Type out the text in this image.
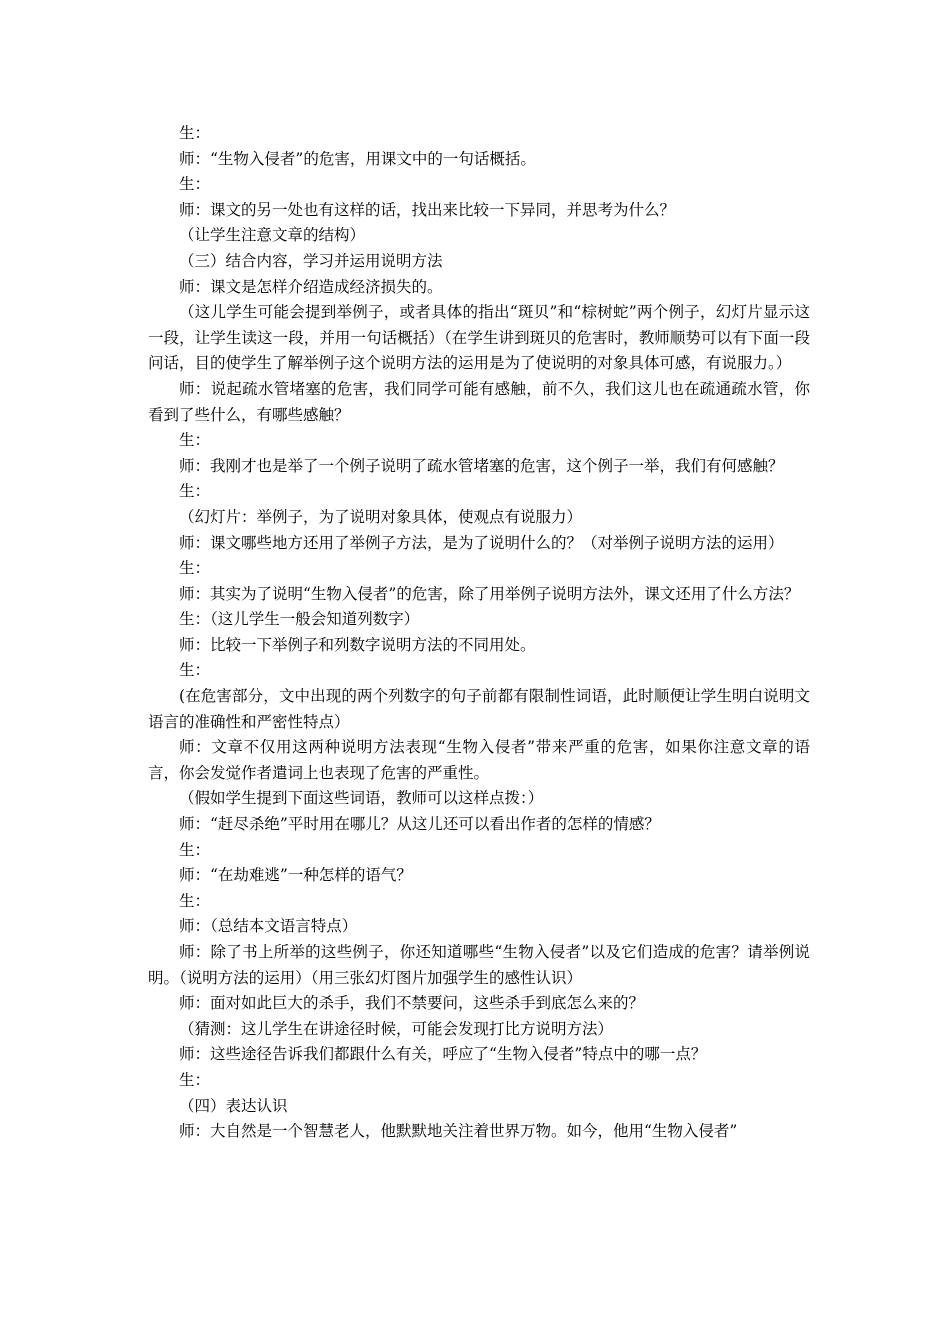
生：

师：“生物入侵者”的危害，用课文中的一句话概括。

生：

师：课文的另一处也有这样的话，找出来比较一下异同，并思考为什么？

（让学生注意文章的结构）

（三）结合内容，学习并运用说明方法

师：课文是怎样介绍造成经济损失的。

（这儿学生可能会提到举例子，或者具体的指出“斑贝”和“棕树蛇”两个例子，幻灯片显示这一段，让学生读这一段，并用一句话概括）（在学生讲到斑贝的危害时，教师顺势可以有下面一段问话，目的使学生了解举例子这个说明方法的运用是为了使说明的对象具体可感，有说服力。）

师：说起疏水管堵塞的危害，我们同学可能有感触，前不久，我们这儿也在疏通疏水管，你看到了些什么，有哪些感触？

生：

师：我刚才也是举了一个例子说明了疏水管堵塞的危害，这个例子一举，我们有何感触？

生：

（幻灯片：举例子，为了说明对象具体，使观点有说服力）

师：课文哪些地方还用了举例子方法，是为了说明什么的？（对举例子说明方法的运用）

生：

师：其实为了说明“生物入侵者”的危害，除了用举例子说明方法外，课文还用了什么方法？

生：（这儿学生一般会知道列数字）

师：比较一下举例子和列数字说明方法的不同用处。

生：

(在危害部分，文中出现的两个列数字的句子前都有限制性词语，此时顺便让学生明白说明文语言的准确性和严密性特点）

师：文章不仅用这两种说明方法表现“生物入侵者”带来严重的危害，如果你注意文章的语言，你会发觉作者遣词上也表现了危害的严重性。

（假如学生提到下面这些词语，教师可以这样点拨：）

师：“赶尽杀绝”平时用在哪儿？从这儿还可以看出作者的怎样的情感？

生：

师：“在劫难逃”一种怎样的语气？

生：

师：（总结本文语言特点）

师：除了书上所举的这些例子，你还知道哪些“生物入侵者”以及它们造成的危害？请举例说明。（说明方法的运用）（用三张幻灯图片加强学生的感性认识）

师：面对如此巨大的杀手，我们不禁要问，这些杀手到底怎么来的？

（猜测：这儿学生在讲途径时候，可能会发现打比方说明方法）

师：这些途径告诉我们都跟什么有关，呼应了“生物入侵者”特点中的哪一点？

生：

（四）表达认识

师：大自然是一个智慧老人，他默默地关注着世界万物。如今，他用“生物入侵者”
